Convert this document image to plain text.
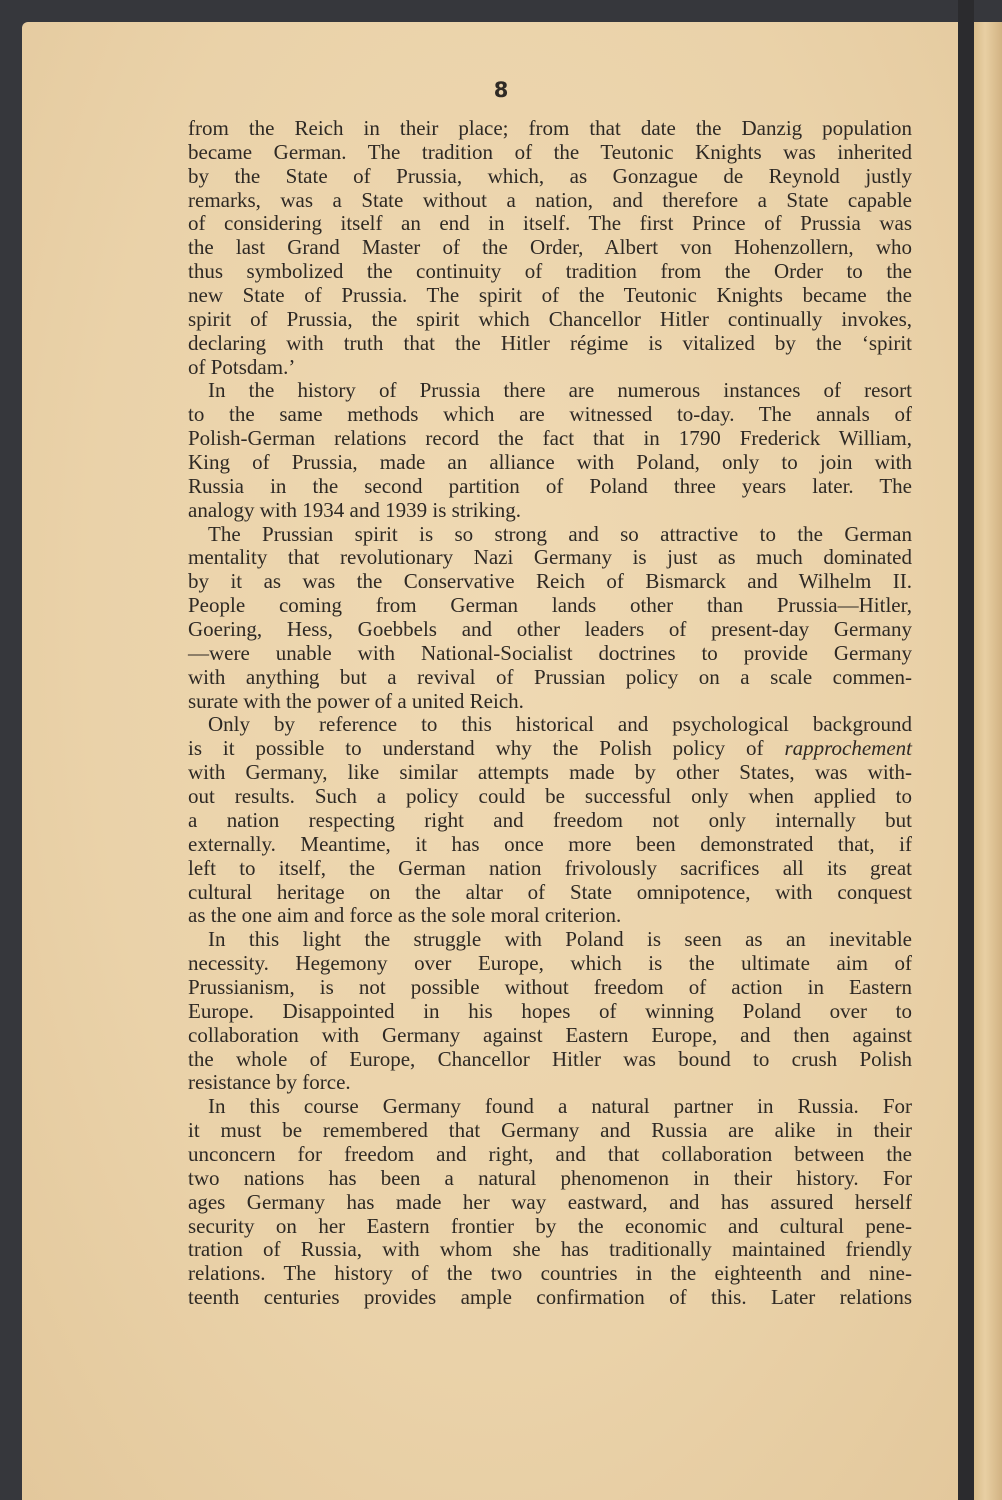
8
from the Reich in their place; from that date the Danzig population
became German. The tradition of the Teutonic Knights was inherited
by the State of Prussia, which, as Gonzague de Reynold justly
remarks, was a State without a nation, and therefore a State capable
of considering itself an end in itself. The first Prince of Prussia was
the last Grand Master of the Order, Albert von Hohenzollern, who
thus symbolized the continuity of tradition from the Order to the
new State of Prussia. The spirit of the Teutonic Knights became the
spirit of Prussia, the spirit which Chancellor Hitler continually invokes,
declaring with truth that the Hitler régime is vitalized by the ‘spirit
of Potsdam.’
In the history of Prussia there are numerous instances of resort
to the same methods which are witnessed to-day. The annals of
Polish-German relations record the fact that in 1790 Frederick William,
King of Prussia, made an alliance with Poland, only to join with
Russia in the second partition of Poland three years later. The
analogy with 1934 and 1939 is striking.
The Prussian spirit is so strong and so attractive to the German
mentality that revolutionary Nazi Germany is just as much dominated
by it as was the Conservative Reich of Bismarck and Wilhelm II.
People coming from German lands other than Prussia—Hitler,
Goering, Hess, Goebbels and other leaders of present-day Germany
—were unable with National-Socialist doctrines to provide Germany
with anything but a revival of Prussian policy on a scale commen-
surate with the power of a united Reich.
Only by reference to this historical and psychological background
is it possible to understand why the Polish policy of rapprochement
with Germany, like similar attempts made by other States, was with-
out results. Such a policy could be successful only when applied to
a nation respecting right and freedom not only internally but
externally. Meantime, it has once more been demonstrated that, if
left to itself, the German nation frivolously sacrifices all its great
cultural heritage on the altar of State omnipotence, with conquest
as the one aim and force as the sole moral criterion.
In this light the struggle with Poland is seen as an inevitable
necessity. Hegemony over Europe, which is the ultimate aim of
Prussianism, is not possible without freedom of action in Eastern
Europe. Disappointed in his hopes of winning Poland over to
collaboration with Germany against Eastern Europe, and then against
the whole of Europe, Chancellor Hitler was bound to crush Polish
resistance by force.
In this course Germany found a natural partner in Russia. For
it must be remembered that Germany and Russia are alike in their
unconcern for freedom and right, and that collaboration between the
two nations has been a natural phenomenon in their history. For
ages Germany has made her way eastward, and has assured herself
security on her Eastern frontier by the economic and cultural pene-
tration of Russia, with whom she has traditionally maintained friendly
relations. The history of the two countries in the eighteenth and nine-
teenth centuries provides ample confirmation of this. Later relations
